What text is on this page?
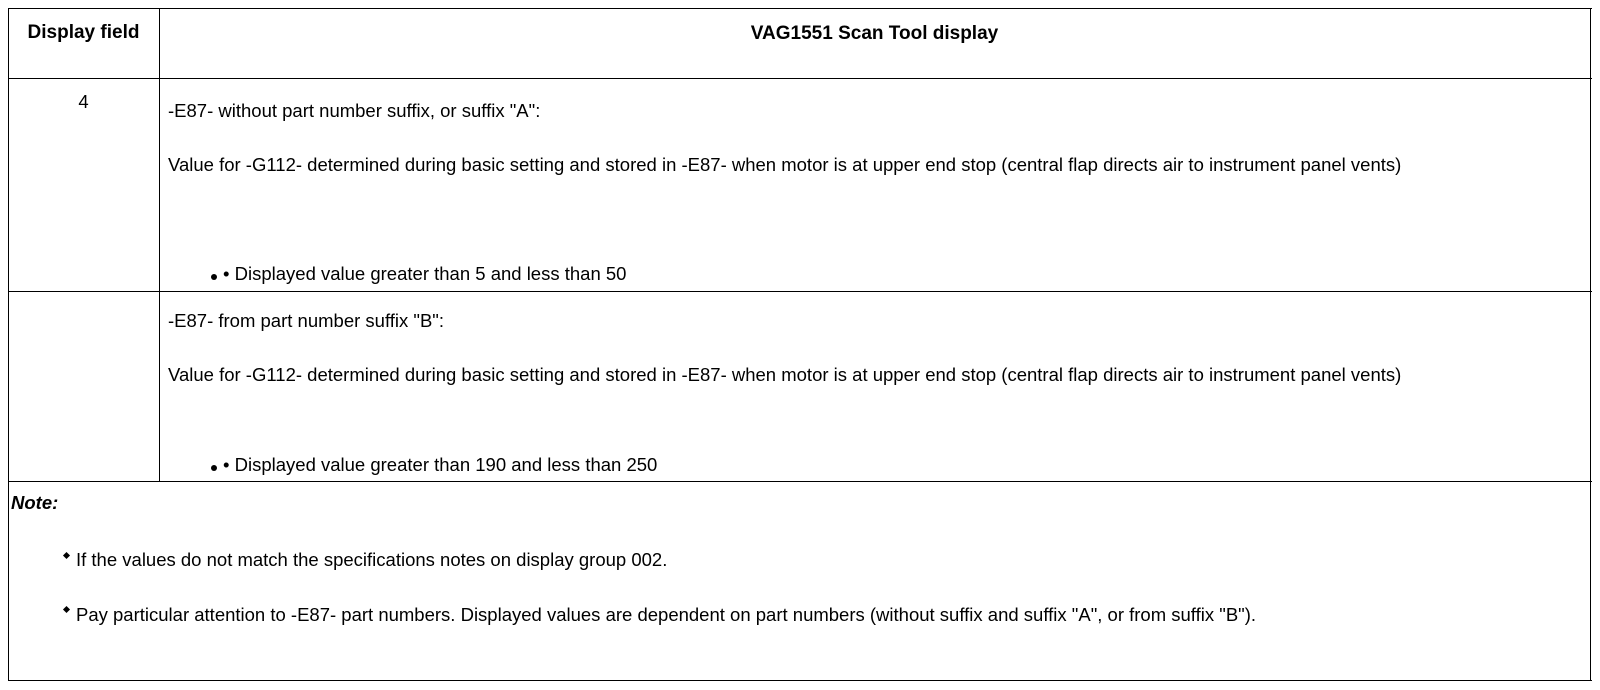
Display field	VAG1551 Scan Tool display
4	-E87- without part number suffix, or suffix "A":
Value for -G112- determined during basic setting and stored in -E87- when motor is at upper end stop (central flap directs air to instrument panel vents)
• Displayed value greater than 5 and less than 50
-E87- from part number suffix "B":
Value for -G112- determined during basic setting and stored in -E87- when motor is at upper end stop (central flap directs air to instrument panel vents)
• Displayed value greater than 190 and less than 250
Note:
If the values do not match the specifications notes on display group 002.
Pay particular attention to -E87- part numbers. Displayed values are dependent on part numbers (without suffix and suffix "A", or from suffix "B").
